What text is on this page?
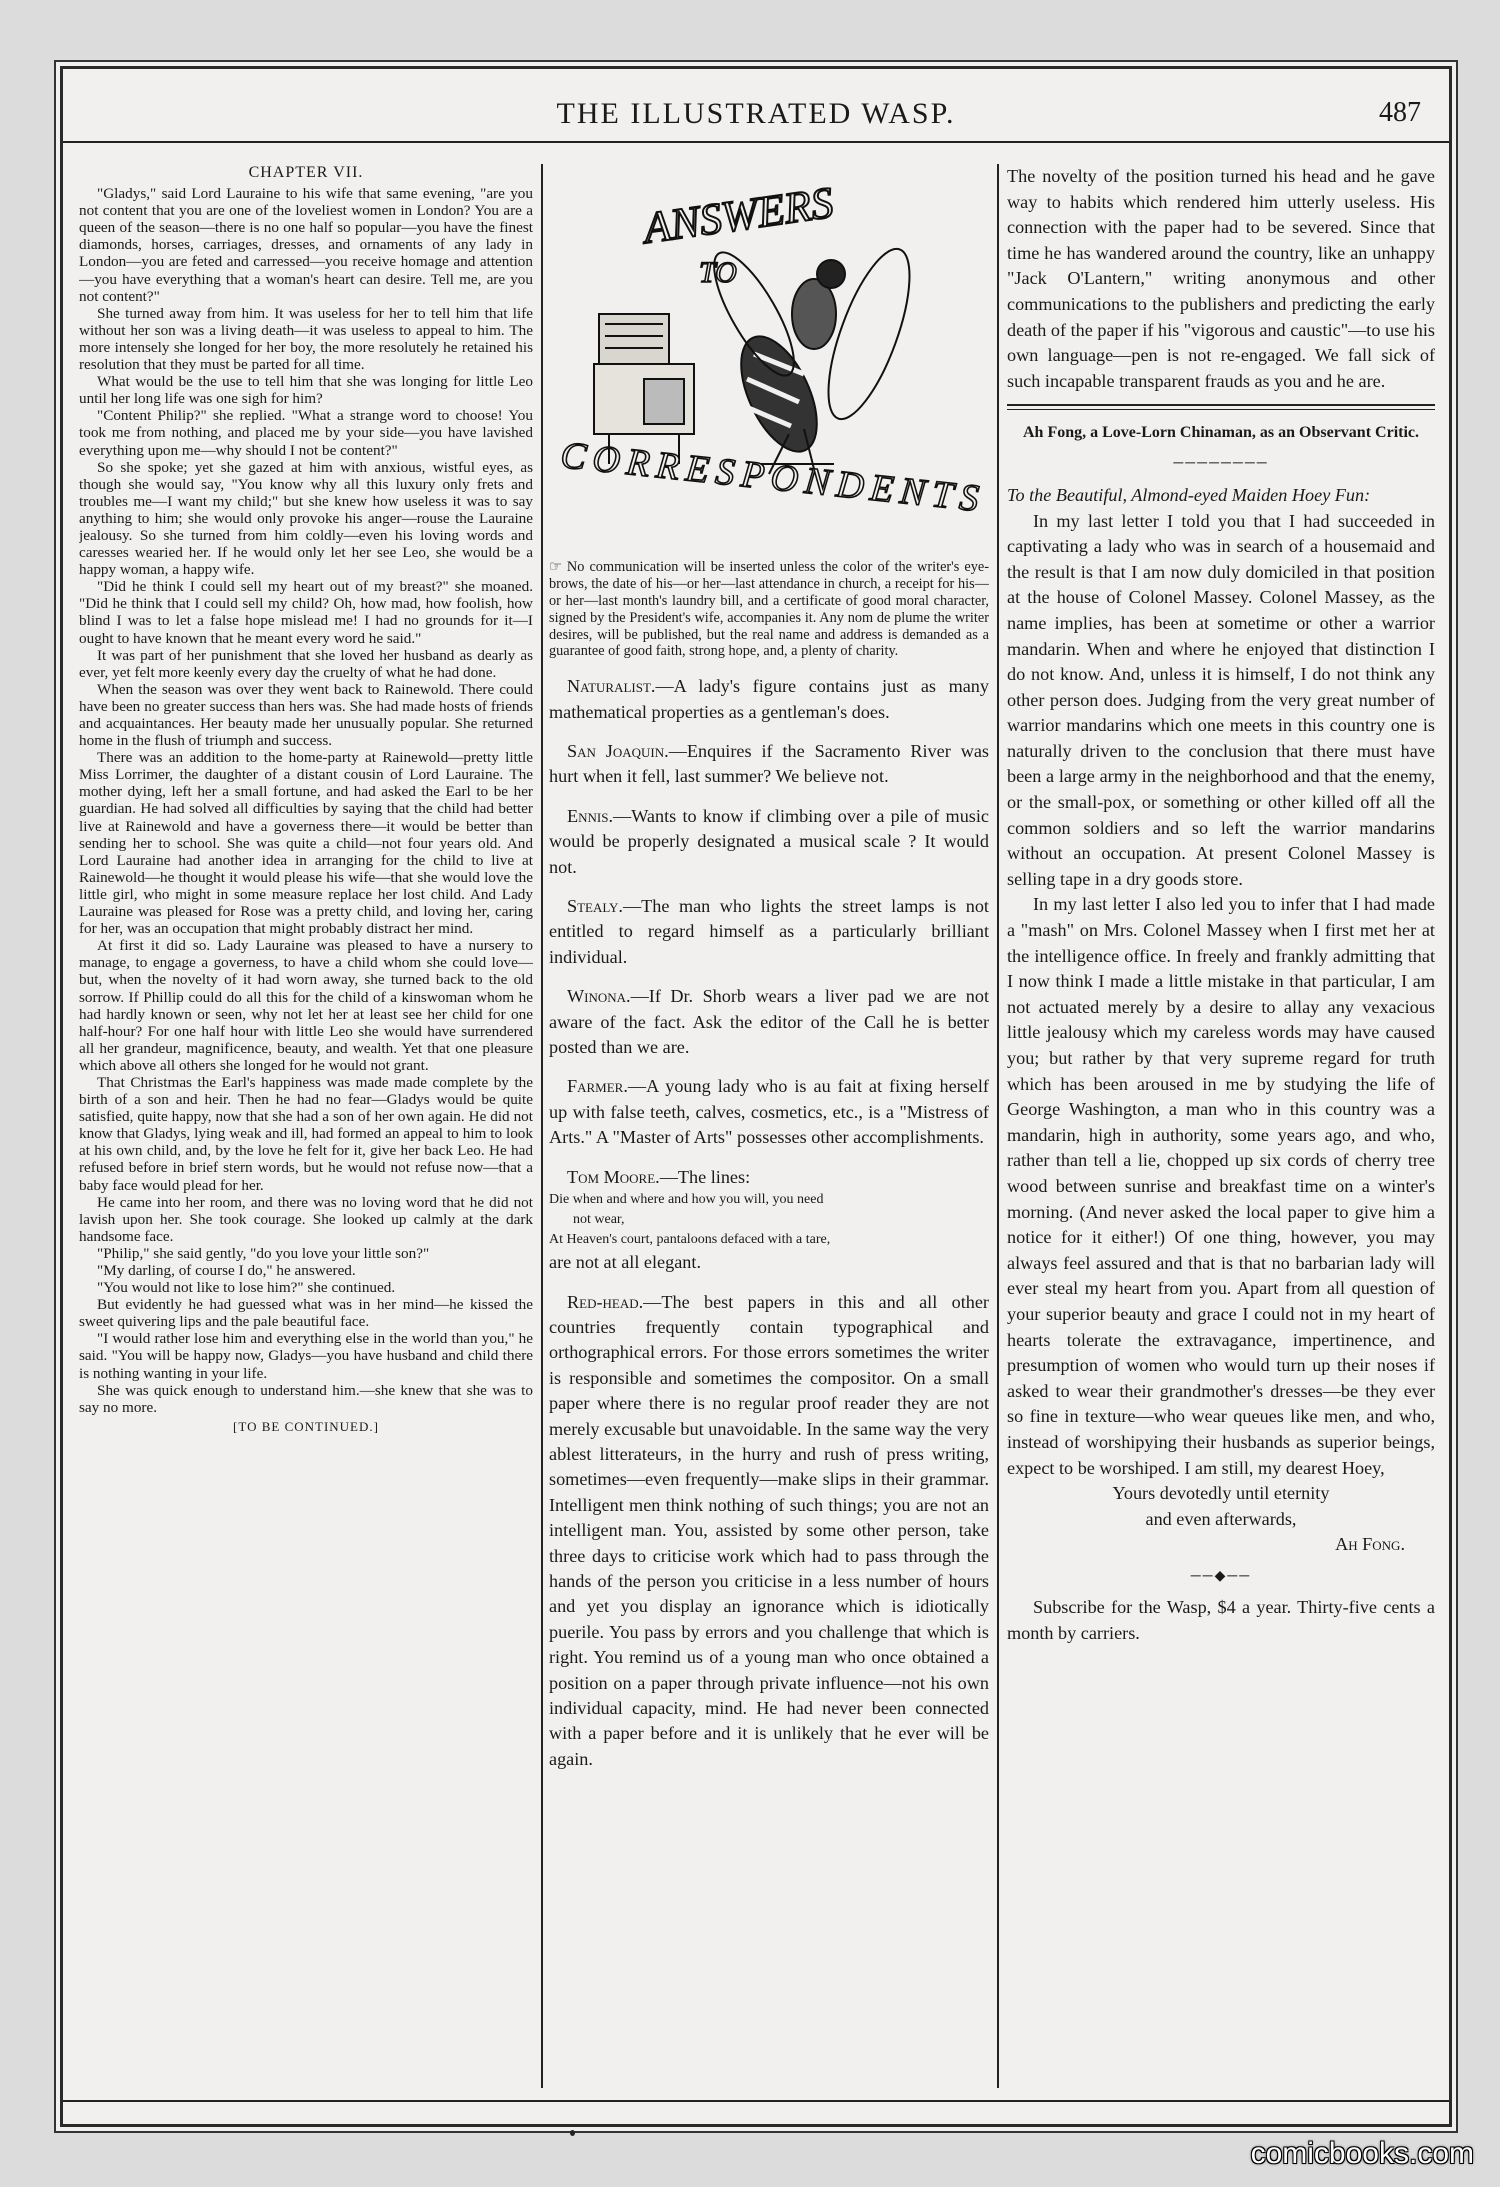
THE ILLUSTRATED WASP.	487

CHAPTER VII.

"Gladys," said Lord Lauraine to his wife that same evening, "are you not content that you are one of the loveliest women in London? You are a queen of the season—there is no one half so popular—you have the finest diamonds, horses, carriages, dresses, and ornaments of any lady in London—you are feted and carressed—you receive homage and attention—you have everything that a woman's heart can desire. Tell me, are you not content?"

She turned away from him. It was useless for her to tell him that life without her son was a living death—it was useless to appeal to him. The more intensely she longed for her boy, the more resolutely he retained his resolution that they must be parted for all time.

What would be the use to tell him that she was longing for little Leo until her long life was one sigh for him?

"Content Philip?" she replied. "What a strange word to choose! You took me from nothing, and placed me by your side—you have lavished everything upon me—why should I not be content?"

So she spoke; yet she gazed at him with anxious, wistful eyes, as though she would say, "You know why all this luxury only frets and troubles me—I want my child;" but she knew how useless it was to say anything to him; she would only provoke his anger—rouse the Lauraine jealousy. So she turned from him coldly—even his loving words and caresses wearied her. If he would only let her see Leo, she would be a happy woman, a happy wife.

"Did he think I could sell my heart out of my breast?" she moaned. "Did he think that I could sell my child? Oh, how mad, how foolish, how blind I was to let a false hope mislead me! I had no grounds for it—I ought to have known that he meant every word he said."

It was part of her punishment that she loved her husband as dearly as ever, yet felt more keenly every day the cruelty of what he had done.

When the season was over they went back to Rainewold. There could have been no greater success than hers was. She had made hosts of friends and acquaintances. Her beauty made her unusually popular. She returned home in the flush of triumph and success.

There was an addition to the home-party at Rainewold—pretty little Miss Lorrimer, the daughter of a distant cousin of Lord Lauraine. The mother dying, left her a small fortune, and had asked the Earl to be her guardian. He had solved all difficulties by saying that the child had better live at Rainewold and have a governess there—it would be better than sending her to school. She was quite a child—not four years old. And Lord Lauraine had another idea in arranging for the child to live at Rainewold—he thought it would please his wife—that she would love the little girl, who might in some measure replace her lost child. And Lady Lauraine was pleased for Rose was a pretty child, and loving her, caring for her, was an occupation that might probably distract her mind.

At first it did so. Lady Lauraine was pleased to have a nursery to manage, to engage a governess, to have a child whom she could love—but, when the novelty of it had worn away, she turned back to the old sorrow. If Phillip could do all this for the child of a kinswoman whom he had hardly known or seen, why not let her at least see her child for one half-hour? For one half hour with little Leo she would have surrendered all her grandeur, magnificence, beauty, and wealth. Yet that one pleasure which above all others she longed for he would not grant.

That Christmas the Earl's happiness was made made complete by the birth of a son and heir. Then he had no fear—Gladys would be quite satisfied, quite happy, now that she had a son of her own again. He did not know that Gladys, lying weak and ill, had formed an appeal to him to look at his own child, and, by the love he felt for it, give her back Leo. He had refused before in brief stern words, but he would not refuse now—that a baby face would plead for her.

He came into her room, and there was no loving word that he did not lavish upon her. She took courage. She looked up calmly at the dark handsome face.

"Philip," she said gently, "do you love your little son?"

"My darling, of course I do," he answered.

"You would not like to lose him?" she continued.

But evidently he had guessed what was in her mind—he kissed the sweet quivering lips and the pale beautiful face.

"I would rather lose him and everything else in the world than you," he said. "You will be happy now, Gladys—you have husband and child there is nothing wanting in your life.

She was quick enough to understand him.—she knew that she was to say no more.

[TO BE CONTINUED.]

ANSWERS
TO
CORRESPONDENTS

☞ No communication will be inserted unless the color of the writer's eye-brows, the date of his—or her—last attendance in church, a receipt for his—or her—last month's laundry bill, and a certificate of good moral character, signed by the President's wife, accompanies it. Any nom de plume the writer desires, will be published, but the real name and address is demanded as a guarantee of good faith, strong hope, and, a plenty of charity.

Naturalist.—A lady's figure contains just as many mathematical properties as a gentleman's does.

San Joaquin.—Enquires if the Sacramento River was hurt when it fell, last summer? We believe not.

Ennis.—Wants to know if climbing over a pile of music would be properly designated a musical scale ? It would not.

Stealy.—The man who lights the street lamps is not entitled to regard himself as a particularly brilliant individual.

Winona.—If Dr. Shorb wears a liver pad we are not aware of the fact. Ask the editor of the Call he is better posted than we are.

Farmer.—A young lady who is au fait at fixing herself up with false teeth, calves, cosmetics, etc., is a "Mistress of Arts." A "Master of Arts" possesses other accomplishments.

Tom Moore.—The lines:

Die when and where and how you will, you need
not wear,
At Heaven's court, pantaloons defaced with a tare,

are not at all elegant.

Red-head.—The best papers in this and all other countries frequently contain typographical and orthographical errors. For those errors sometimes the writer is responsible and sometimes the compositor. On a small paper where there is no regular proof reader they are not merely excusable but unavoidable. In the same way the very ablest litterateurs, in the hurry and rush of press writing, sometimes—even frequently—make slips in their grammar. Intelligent men think nothing of such things; you are not an intelligent man. You, assisted by some other person, take three days to criticise work which had to pass through the hands of the person you criticise in a less number of hours and yet you display an ignorance which is idiotically puerile. You pass by errors and you challenge that which is right. You remind us of a young man who once obtained a position on a paper through private influence—not his own individual capacity, mind. He had never been connected with a paper before and it is unlikely that he ever will be again.

The novelty of the position turned his head and he gave way to habits which rendered him utterly useless. His connection with the paper had to be severed. Since that time he has wandered around the country, like an unhappy "Jack O'Lantern," writing anonymous and other communications to the publishers and predicting the early death of the paper if his "vigorous and caustic"—to use his own language—pen is not re-engaged. We fall sick of such incapable transparent frauds as you and he are.

Ah Fong, a Love-Lorn Chinaman, as an Observant Critic.

────────

To the Beautiful, Almond-eyed Maiden Hoey Fun:

In my last letter I told you that I had succeeded in captivating a lady who was in search of a housemaid and the result is that I am now duly domiciled in that position at the house of Colonel Massey. Colonel Massey, as the name implies, has been at sometime or other a warrior mandarin. When and where he enjoyed that distinction I do not know. And, unless it is himself, I do not think any other person does. Judging from the very great number of warrior mandarins which one meets in this country one is naturally driven to the conclusion that there must have been a large army in the neighborhood and that the enemy, or the small-pox, or something or other killed off all the common soldiers and so left the warrior mandarins without an occupation. At present Colonel Massey is selling tape in a dry goods store.

In my last letter I also led you to infer that I had made a "mash" on Mrs. Colonel Massey when I first met her at the intelligence office. In freely and frankly admitting that I now think I made a little mistake in that particular, I am not actuated merely by a desire to allay any vexacious little jealousy which my careless words may have caused you; but rather by that very supreme regard for truth which has been aroused in me by studying the life of George Washington, a man who in this country was a mandarin, high in authority, some years ago, and who, rather than tell a lie, chopped up six cords of cherry tree wood between sunrise and breakfast time on a winter's morning. (And never asked the local paper to give him a notice for it either!) Of one thing, however, you may always feel assured and that is that no barbarian lady will ever steal my heart from you. Apart from all question of your superior beauty and grace I could not in my heart of hearts tolerate the extravagance, impertinence, and presumption of women who would turn up their noses if asked to wear their grandmother's dresses—be they ever so fine in texture—who wear queues like men, and who, instead of worshipying their husbands as superior beings, expect to be worshiped. I am still, my dearest Hoey,

Yours devotedly until eternity

and even afterwards,

Ah Fong.

──◆──

Subscribe for the Wasp, $4 a year. Thirty-five cents a month by carriers.

comicbooks.com
